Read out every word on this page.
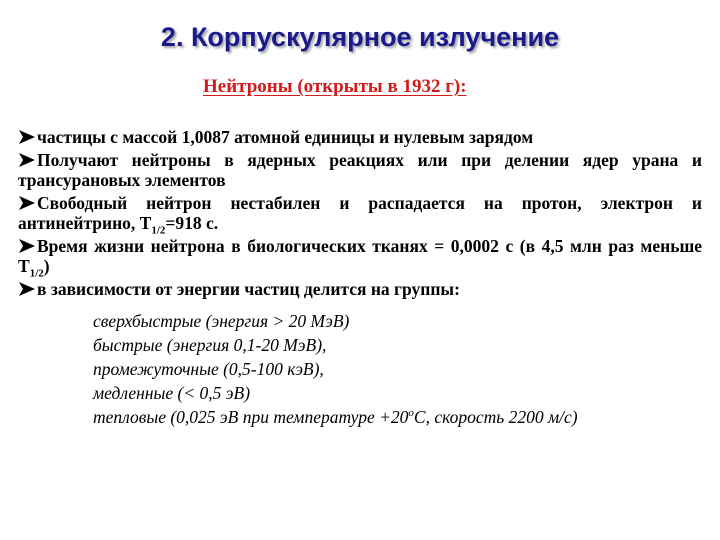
2. Корпускулярное излучение
Нейтроны (открыты в 1932 г):

частицы с массой 1,0087 атомной единицы и нулевым зарядом

Получают нейтроны в ядерных реакциях или при делении ядер урана и трансурановых элементов

Свободный нейтрон нестабилен и распадается на протон, электрон и антинейтрино, $T_{1/2}=918$ с.

Время жизни нейтрона в биологических тканях = 0,0002 с (в 4,5 млн раз меньше $T_{1/2}$)

в зависимости от энергии частиц делится на группы:

сверхбыстрые (энергия > 20 МэВ)
быстрые (энергия 0,1-20 МэВ),
промежуточные (0,5-100 кэВ),
медленные (< 0,5 эВ)
тепловые (0,025 эВ при температуре $+20^oС$, скорость 2200 м/с)
